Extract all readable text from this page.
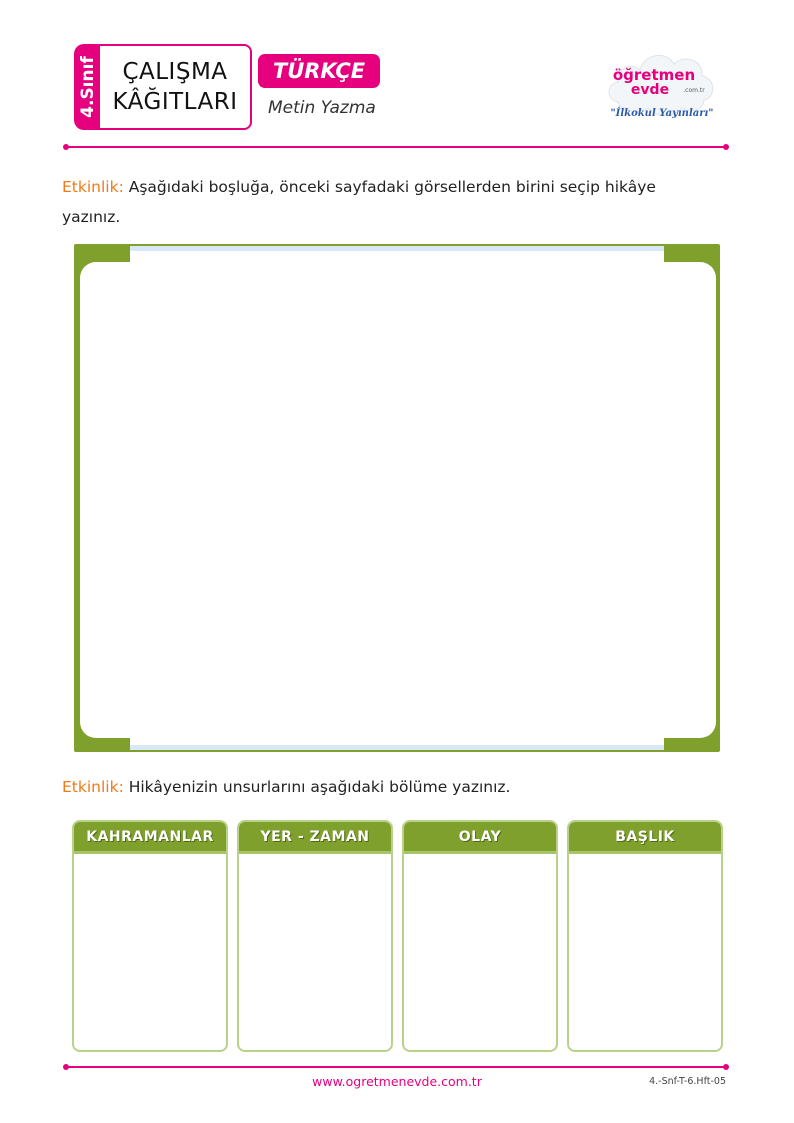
4.Sınıf ÇALIŞMA
KÂĞITLARI
TÜRKÇE
Metin Yazma
öğretmen
evde .com.tr
"İlkokul Yayınları"
Etkinlik: Aşağıdaki boşluğa, önceki sayfadaki görsellerden birini seçip hikâye yazınız.
Etkinlik: Hikâyenizin unsurlarını aşağıdaki bölüme yazınız.
KAHRAMANLAR	YER - ZAMAN	OLAY	BAŞLIK
www.ogretmenevde.com.tr	4.-Snf-T-6.Hft-05
